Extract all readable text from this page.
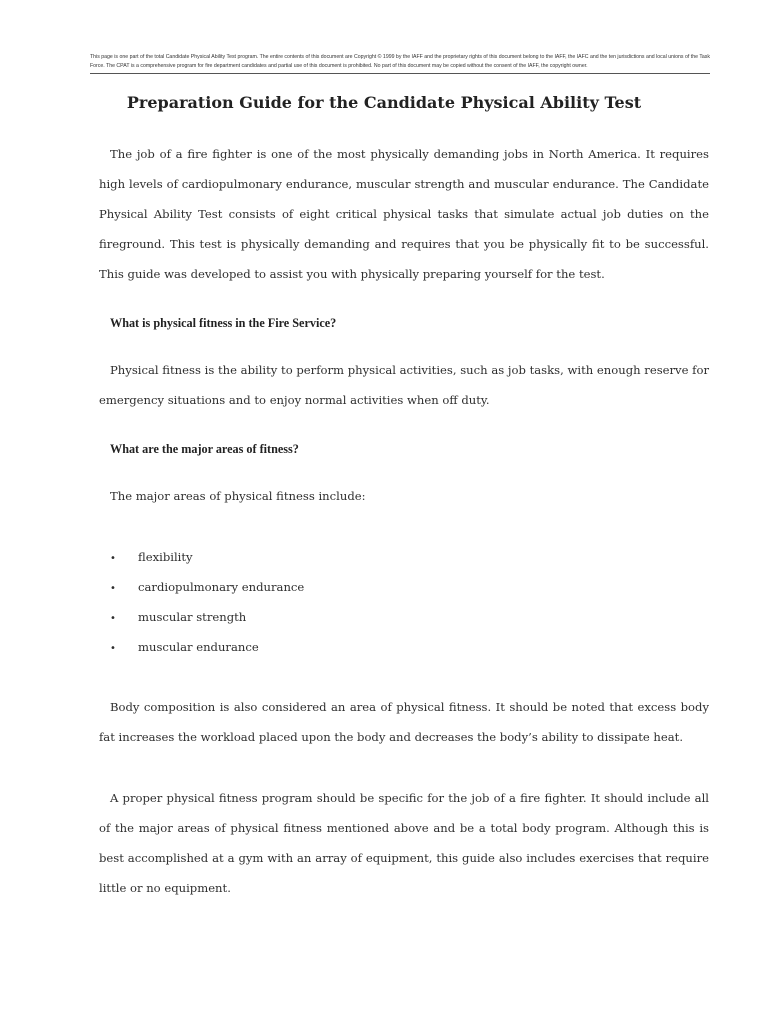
This page is one part of the total Candidate Physical Ability Test program. The entire contents of this document are Copyright © 1999 by the IAFF and the proprietary rights of this document belong to the IAFF, the IAFC and the ten jurisdictions and local unions of the Task Force. The CPAT is a comprehensive program for fire department candidates and partial use of this document is prohibited. No part of this document may be copied without the consent of the IAFF, the copyright owner.
Preparation Guide for the Candidate Physical Ability Test

The job of a fire fighter is one of the most physically demanding jobs in North America. It requires high levels of cardiopulmonary endurance, muscular strength and muscular endurance. The Candidate Physical Ability Test consists of eight critical physical tasks that simulate actual job duties on the fireground. This test is physically demanding and requires that you be physically fit to be successful. This guide was developed to assist you with physically preparing yourself for the test.

What is physical fitness in the Fire Service?

Physical fitness is the ability to perform physical activities, such as job tasks, with enough reserve for emergency situations and to enjoy normal activities when off duty.

What are the major areas of fitness?

The major areas of physical fitness include:

• flexibility
• cardiopulmonary endurance
• muscular strength
• muscular endurance

Body composition is also considered an area of physical fitness. It should be noted that excess body fat increases the workload placed upon the body and decreases the body’s ability to dissipate heat.

A proper physical fitness program should be specific for the job of a fire fighter. It should include all of the major areas of physical fitness mentioned above and be a total body program. Although this is best accomplished at a gym with an array of equipment, this guide also includes exercises that require little or no equipment.
